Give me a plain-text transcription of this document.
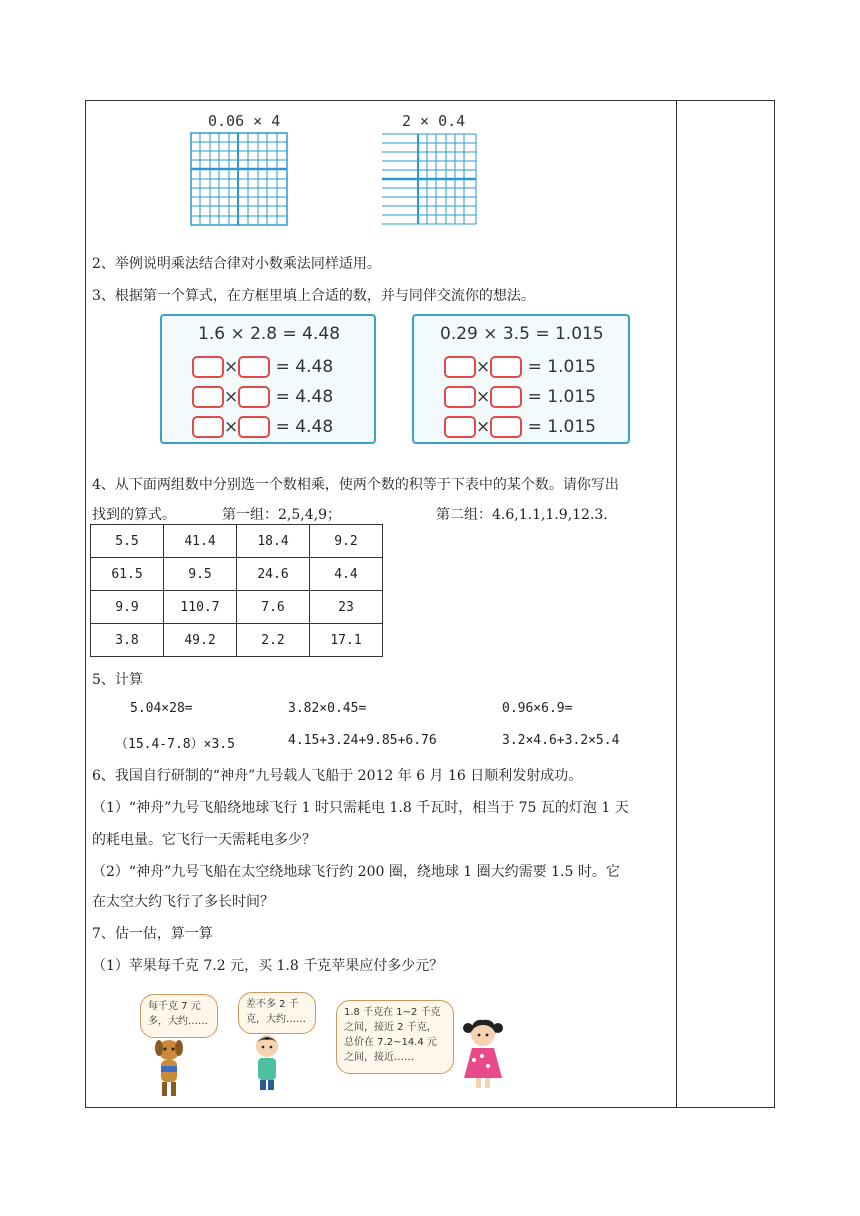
0.06 × 4	2 × 0.4
2、举例说明乘法结合律对小数乘法同样适用。
3、根据第一个算式，在方框里填上合适的数，并与同伴交流你的想法。
1.6 × 2.8 = 4.48
× = 4.48
× = 4.48
× = 4.48
0.29 × 3.5 = 1.015
× = 1.015
× = 1.015
× = 1.015
4、从下面两组数中分别选一个数相乘，使两个数的积等于下表中的某个数。请你写出
找到的算式。	第一组：2,5,4,9；	第二组：4.6,1.1,1.9,12.3.
5.5	41.4	18.4	9.2
61.5	9.5	24.6	4.4
9.9	110.7	7.6	23
3.8	49.2	2.2	17.1
5、计算
5.04×28=	3.82×0.45=	0.96×6.9=
（15.4-7.8）×3.5	4.15+3.24+9.85+6.76	3.2×4.6+3.2×5.4
6、我国自行研制的“神舟”九号载人飞船于 2012 年 6 月 16 日顺利发射成功。
（1）“神舟”九号飞船绕地球飞行 1 时只需耗电 1.8 千瓦时，相当于 75 瓦的灯泡 1 天
的耗电量。它飞行一天需耗电多少？
（2）“神舟”九号飞船在太空绕地球飞行约 200 圈，绕地球 1 圈大约需要 1.5 时。它
在太空大约飞行了多长时间？
7、估一估，算一算
（1）苹果每千克 7.2 元，买 1.8 千克苹果应付多少元？
每千克 7 元多，大约……
差不多 2 千克，大约……
1.8 千克在 1~2 千克之间，接近 2 千克，总价在 7.2~14.4 元之间，接近……
